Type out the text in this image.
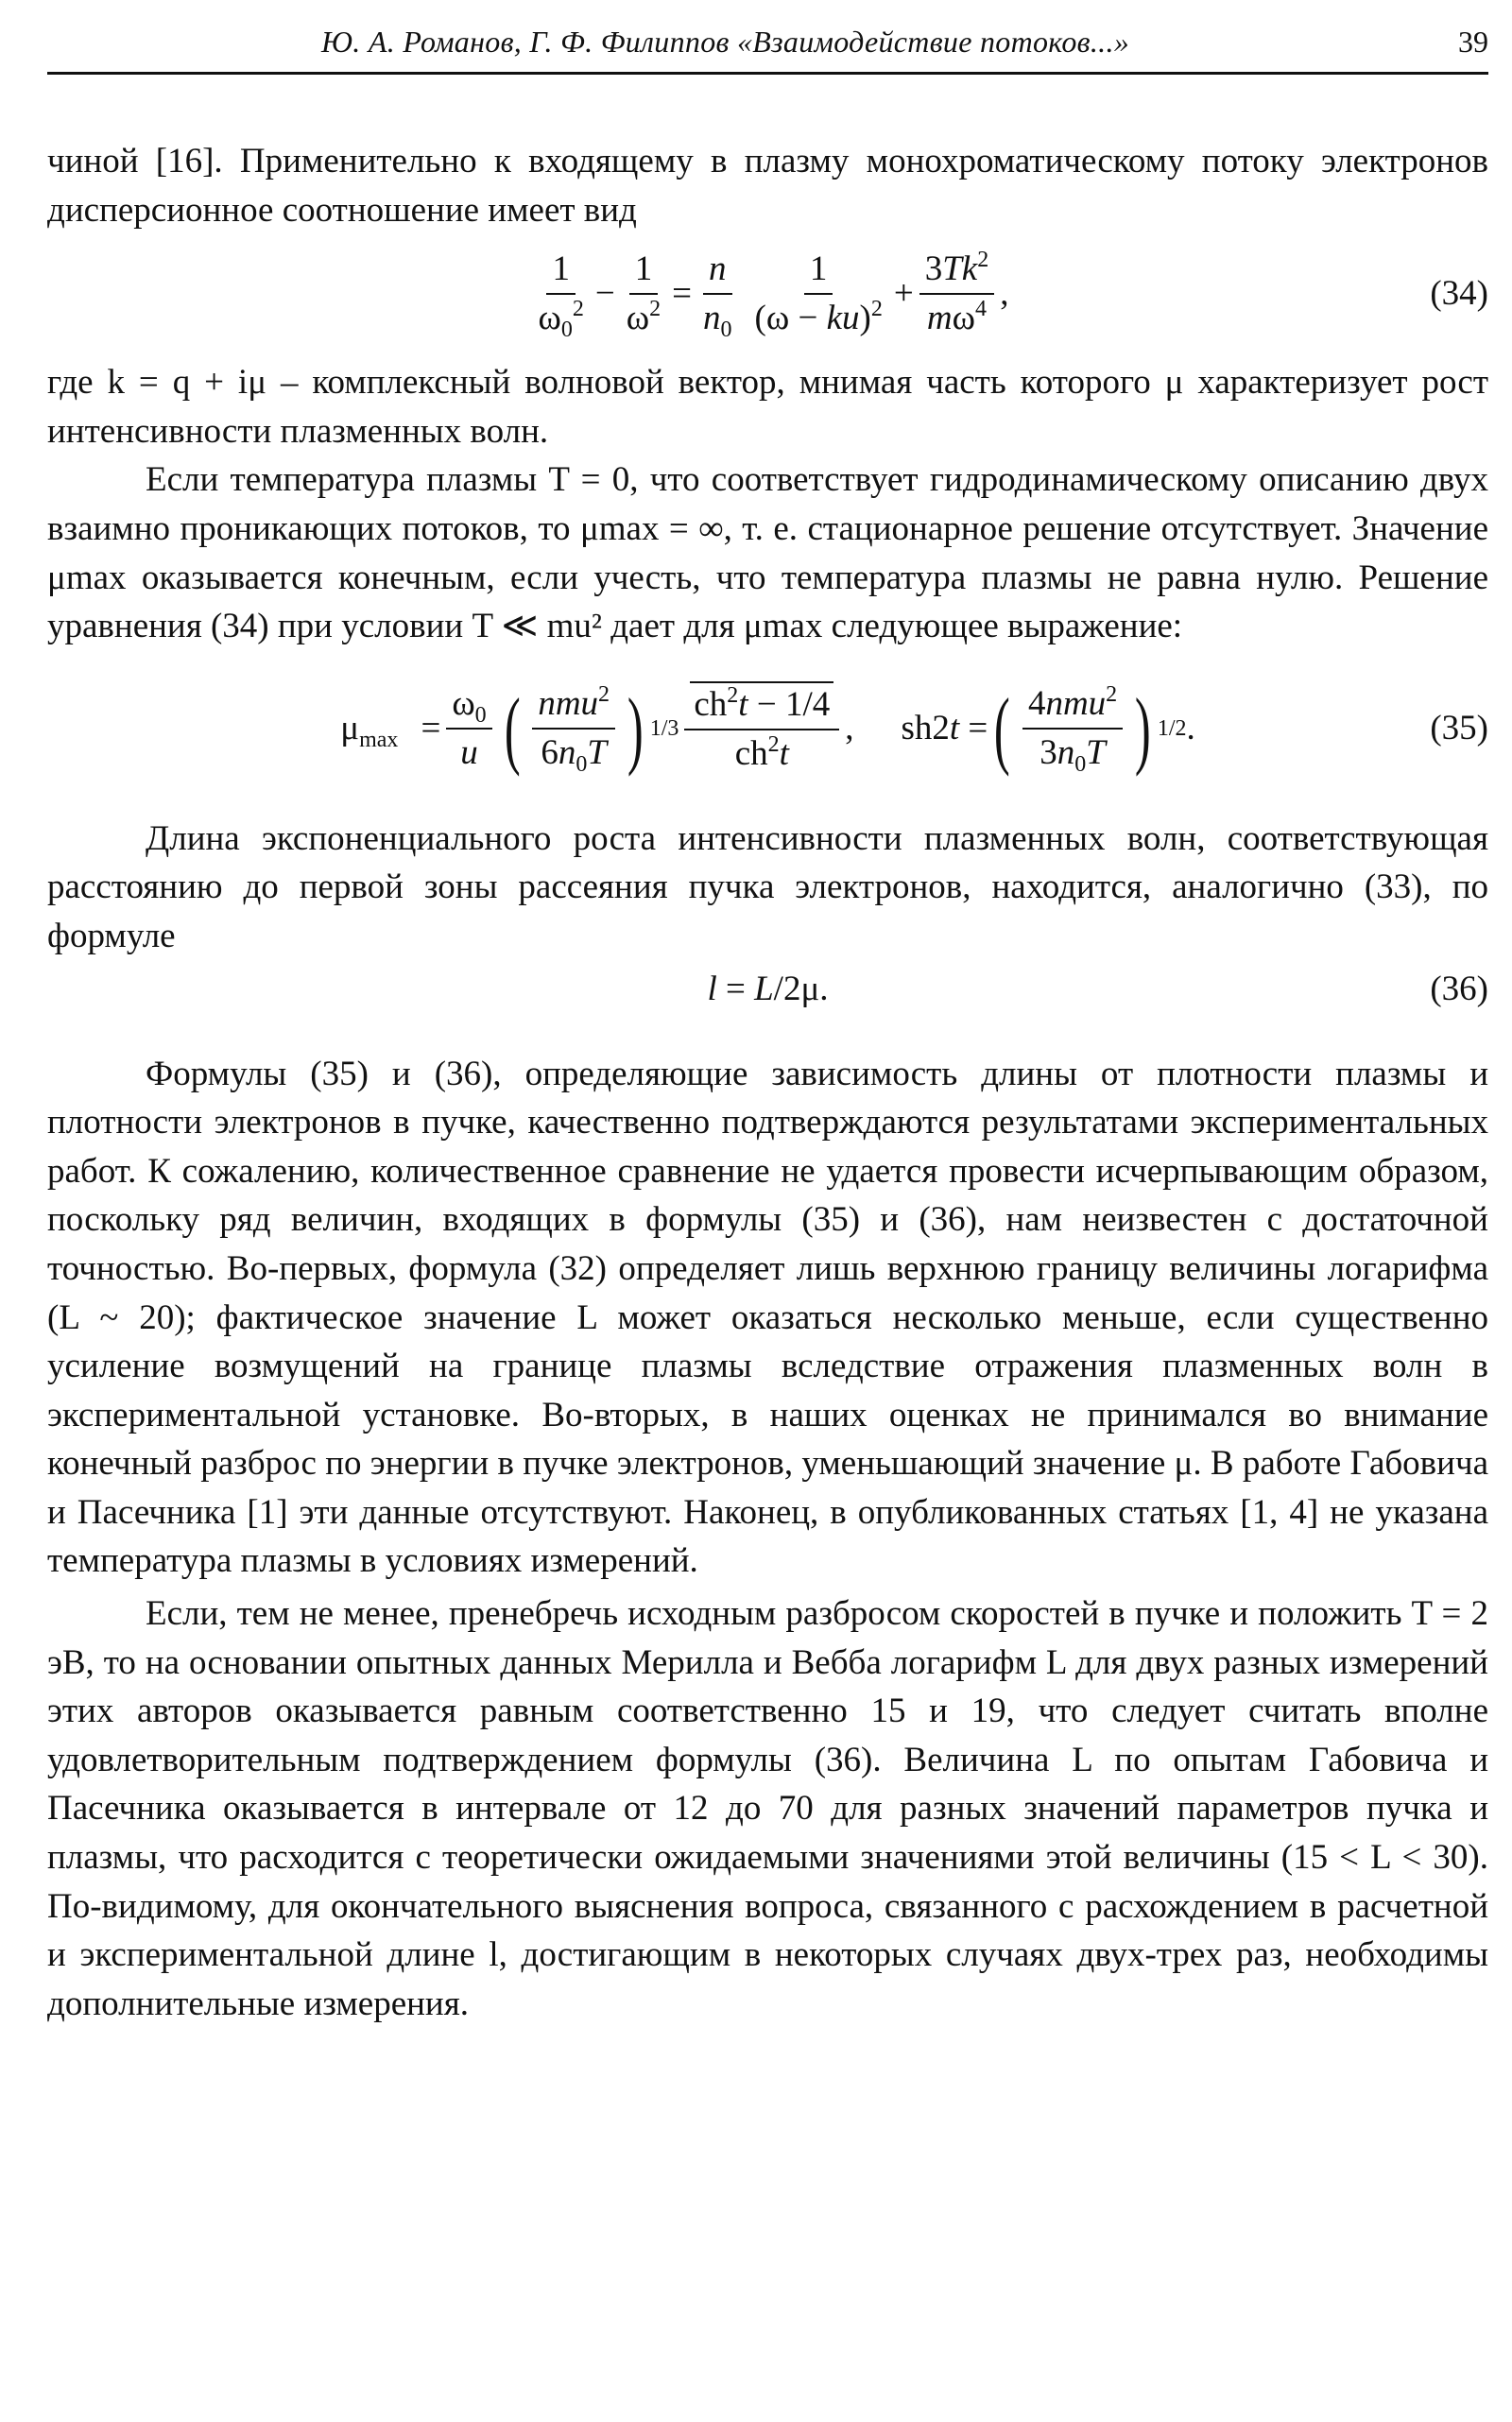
Ю. А. Романов, Г. Ф. Филиппов «Взаимодействие потоков...»	39

чиной [16]. Применительно к входящему в плазму монохроматическому потоку электронов дисперсионное соотношение имеет вид

$\frac{1}{\omega_0^2} - \frac{1}{\omega^2} = \frac{n}{n_0} \frac{1}{(\omega - ku)^2} + \frac{3Tk^2}{m\omega^4}$ ,	(34)

где k = q + iμ – комплексный волновой вектор, мнимая часть которого μ характеризует рост интенсивности плазменных волн.

Если температура плазмы T = 0, что соответствует гидродинамическому описанию двух взаимно проникающих потоков, то μmax = ∞, т. е. стационарное решение отсутствует. Значение μmax оказывается конечным, если учесть, что температура плазмы не равна нулю. Решение уравнения (34) при условии T ≪ mu² дает для μmax следующее выражение:

$\mu_{max} = \frac{\omega_0}{u}$ ( $\frac{nmu^2}{6n_0T}$ ) $1/3 \frac{ch^2t - 1/4}{ch^2t}$ , sh2t = ( $\frac{4nmu^2}{3n_0T}$ ) 1/2 .	(35)

Длина экспоненциального роста интенсивности плазменных волн, соответствующая расстоянию до первой зоны рассеяния пучка электронов, находится, аналогично (33), по формуле

l = L/2μ.	(36)

Формулы (35) и (36), определяющие зависимость длины от плотности плазмы и плотности электронов в пучке, качественно подтверждаются результатами экспериментальных работ. К сожалению, количественное сравнение не удается провести исчерпывающим образом, поскольку ряд величин, входящих в формулы (35) и (36), нам неизвестен с достаточной точностью. Во-первых, формула (32) определяет лишь верхнюю границу величины логарифма (L ~ 20); фактическое значение L может оказаться несколько меньше, если существенно усиление возмущений на границе плазмы вследствие отражения плазменных волн в экспериментальной установке. Во-вторых, в наших оценках не принимался во внимание конечный разброс по энергии в пучке электронов, уменьшающий значение μ. В работе Габовича и Пасечника [1] эти данные отсутствуют. Наконец, в опубликованных статьях [1, 4] не указана температура плазмы в условиях измерений.

Если, тем не менее, пренебречь исходным разбросом скоростей в пучке и положить T = 2 эВ, то на основании опытных данных Мерилла и Вебба логарифм L для двух разных измерений этих авторов оказывается равным соответственно 15 и 19, что следует считать вполне удовлетворительным подтверждением формулы (36). Величина L по опытам Габовича и Пасечника оказывается в интервале от 12 до 70 для разных значений параметров пучка и плазмы, что расходится с теоретически ожидаемыми значениями этой величины (15 < L < 30). По-видимому, для окончательного выяснения вопроса, связанного с расхождением в расчетной и экспериментальной длине l, достигающим в некоторых случаях двух-трех раз, необходимы дополнительные измерения.
